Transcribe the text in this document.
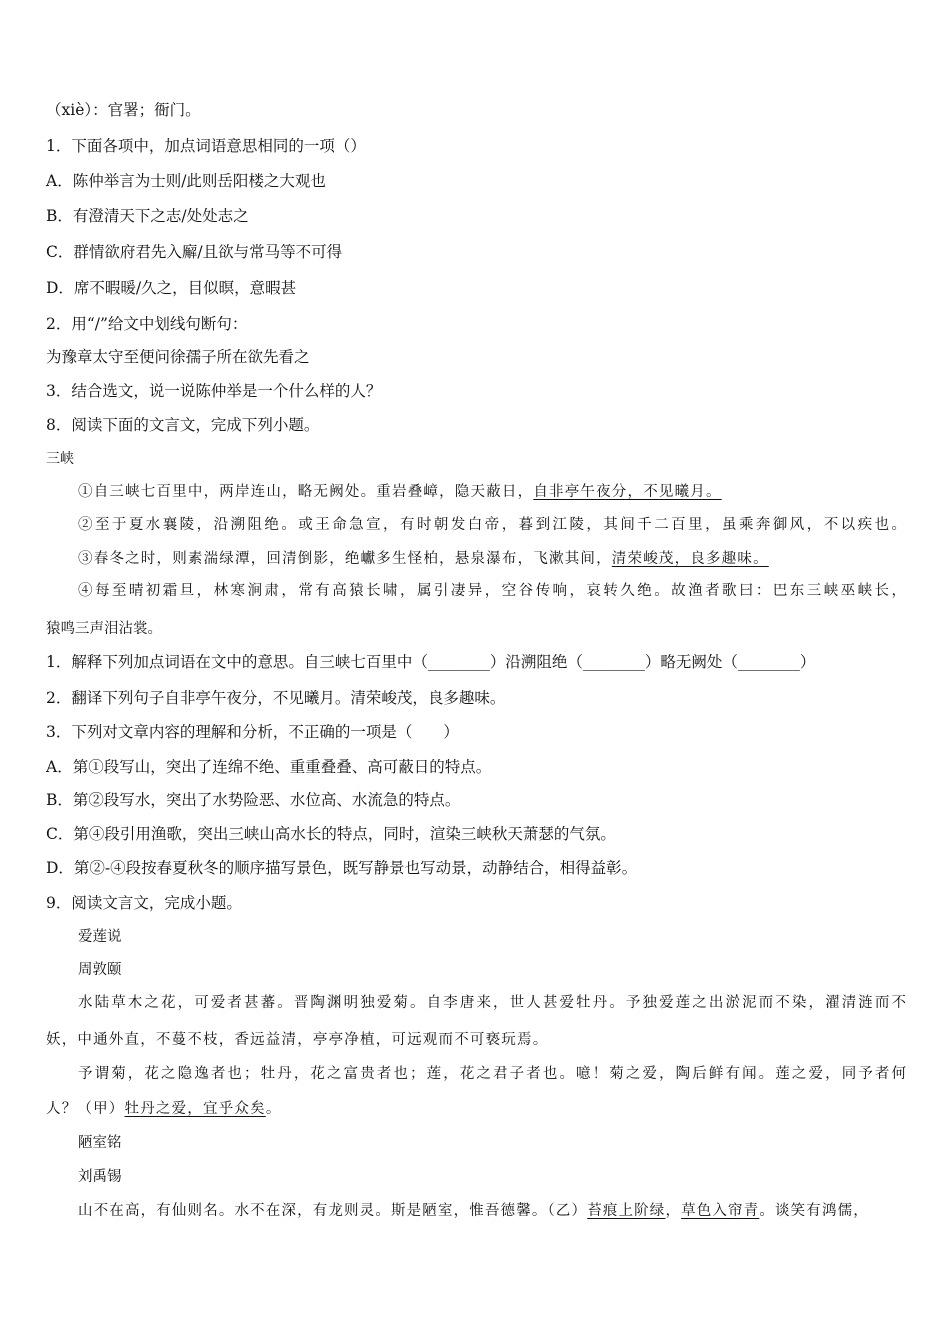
（xiè）：官署；衙门。
1．下面各项中，加点词语意思相同的一项（）
A．陈仲举言为士则/此则岳阳楼之大观也
B．有澄清天下之志/处处志之
C．群情欲府君先入廨/且欲与常马等不可得
D．席不暇暖/久之，目似暝，意暇甚
2．用“/”给文中划线句断句：
为豫章太守至便问徐孺子所在欲先看之
3．结合选文，说一说陈仲举是一个什么样的人？
8．阅读下面的文言文，完成下列小题。
三峡
①自三峡七百里中，两岸连山，略无阙处。重岩叠嶂，隐天蔽日，自非亭午夜分，不见曦月。
②至于夏水襄陵，沿溯阻绝。或王命急宣，有时朝发白帝，暮到江陵，其间千二百里，虽乘奔御风，不以疾也。
③春冬之时，则素湍绿潭，回清倒影，绝巘多生怪柏，悬泉瀑布，飞漱其间，清荣峻茂，良多趣味。
④每至晴初霜旦，林寒涧肃，常有高猿长啸，属引凄异，空谷传响，哀转久绝。故渔者歌曰：巴东三峡巫峡长，
猿鸣三声泪沾裳。
1．解释下列加点词语在文中的意思。自三峡七百里中（________）沿溯阻绝（________）略无阙处（________）
2．翻译下列句子自非亭午夜分，不见曦月。清荣峻茂，良多趣味。
3．下列对文章内容的理解和分析，不正确的一项是（　　）
A．第①段写山，突出了连绵不绝、重重叠叠、高可蔽日的特点。
B．第②段写水，突出了水势险恶、水位高、水流急的特点。
C．第④段引用渔歌，突出三峡山高水长的特点，同时，渲染三峡秋天萧瑟的气氛。
D．第②-④段按春夏秋冬的顺序描写景色，既写静景也写动景，动静结合，相得益彰。
9．阅读文言文，完成小题。
爱莲说
周敦颐
水陆草木之花，可爱者甚蕃。晋陶渊明独爱菊。自李唐来，世人甚爱牡丹。予独爱莲之出淤泥而不染，濯清涟而不
妖，中通外直，不蔓不枝，香远益清，亭亭净植，可远观而不可亵玩焉。
予谓菊，花之隐逸者也；牡丹，花之富贵者也；莲，花之君子者也。噫！菊之爱，陶后鲜有闻。莲之爱，同予者何
人？（甲）牡丹之爱，宜乎众矣。
陋室铭
刘禹锡
山不在高，有仙则名。水不在深，有龙则灵。斯是陋室，惟吾德馨。（乙）苔痕上阶绿，草色入帘青。谈笑有鸿儒，
